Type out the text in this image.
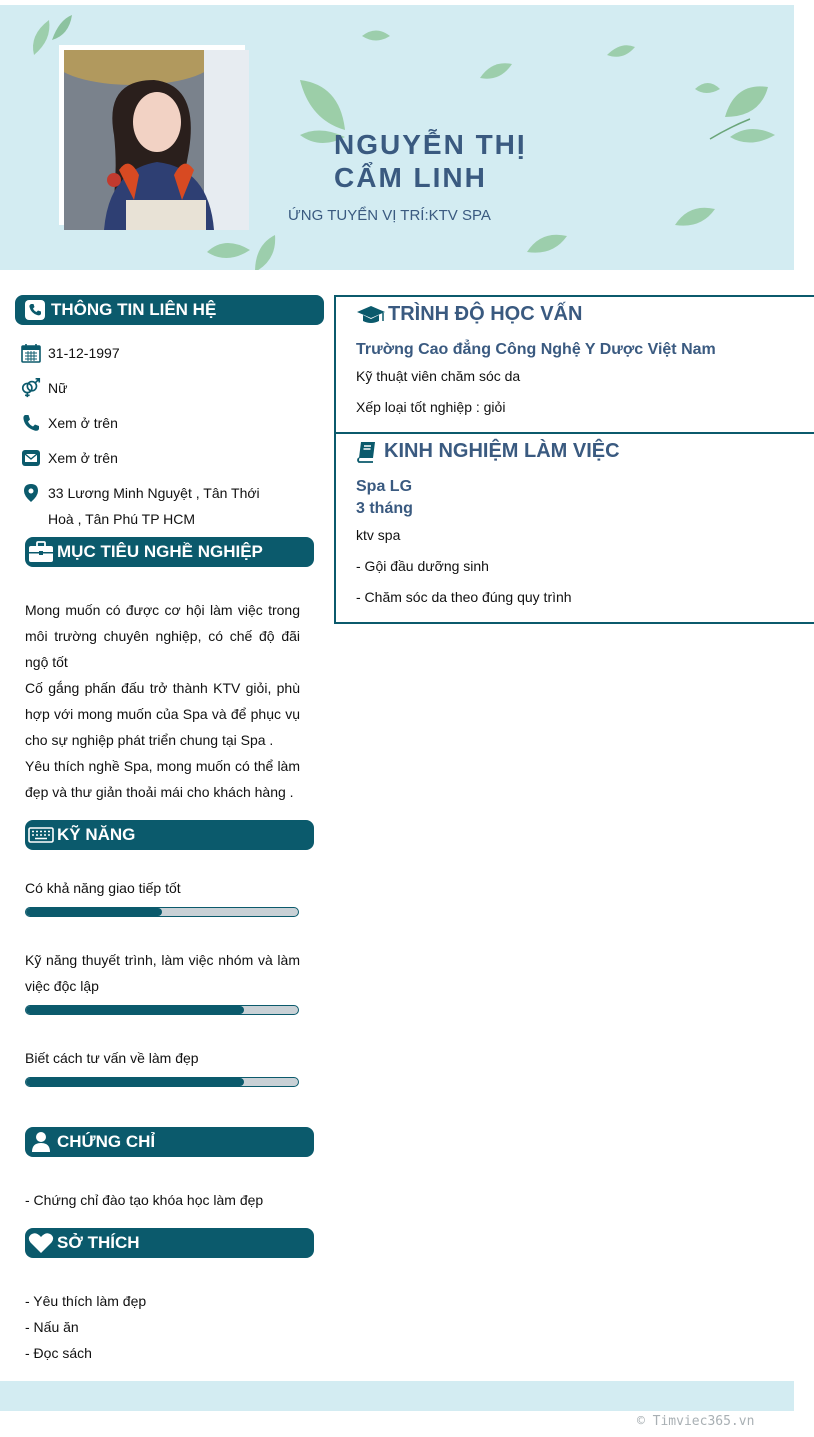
NGUYỄN THỊ
CẨM LINH
ỨNG TUYỂN VỊ TRÍ:KTV SPA
THÔNG TIN LIÊN HỆ
31-12-1997
Nữ
Xem ở trên
Xem ở trên
33 Lương Minh Nguyệt , Tân Thới
Hoà , Tân Phú TP HCM
MỤC TIÊU NGHỀ NGHIỆP
Mong muốn có được cơ hội làm việc trong
môi trường chuyên nghiệp, có chế độ đãi
ngộ tốt
Cố gắng phấn đấu trở thành KTV giỏi, phù
hợp với mong muốn của Spa và để phục vụ
cho sự nghiệp phát triển chung tại Spa .
Yêu thích nghề Spa, mong muốn có thể làm
đẹp và thư giản thoải mái cho khách hàng .
KỸ NĂNG
Có khả năng giao tiếp tốt
Kỹ năng thuyết trình, làm việc nhóm và làm
việc độc lập
Biết cách tư vấn về làm đẹp
CHỨNG CHỈ
- Chứng chỉ đào tạo khóa học làm đẹp
SỞ THÍCH
- Yêu thích làm đẹp
- Nấu ăn
- Đọc sách
TRÌNH ĐỘ HỌC VẤN
Trường Cao đẳng Công Nghệ Y Dược Việt Nam
Kỹ thuật viên chăm sóc da
Xếp loại tốt nghiệp : giỏi
KINH NGHIỆM LÀM VIỆC
Spa LG
3 tháng
ktv spa
- Gội đầu dưỡng sinh
- Chăm sóc da theo đúng quy trình
© Timviec365.vn
